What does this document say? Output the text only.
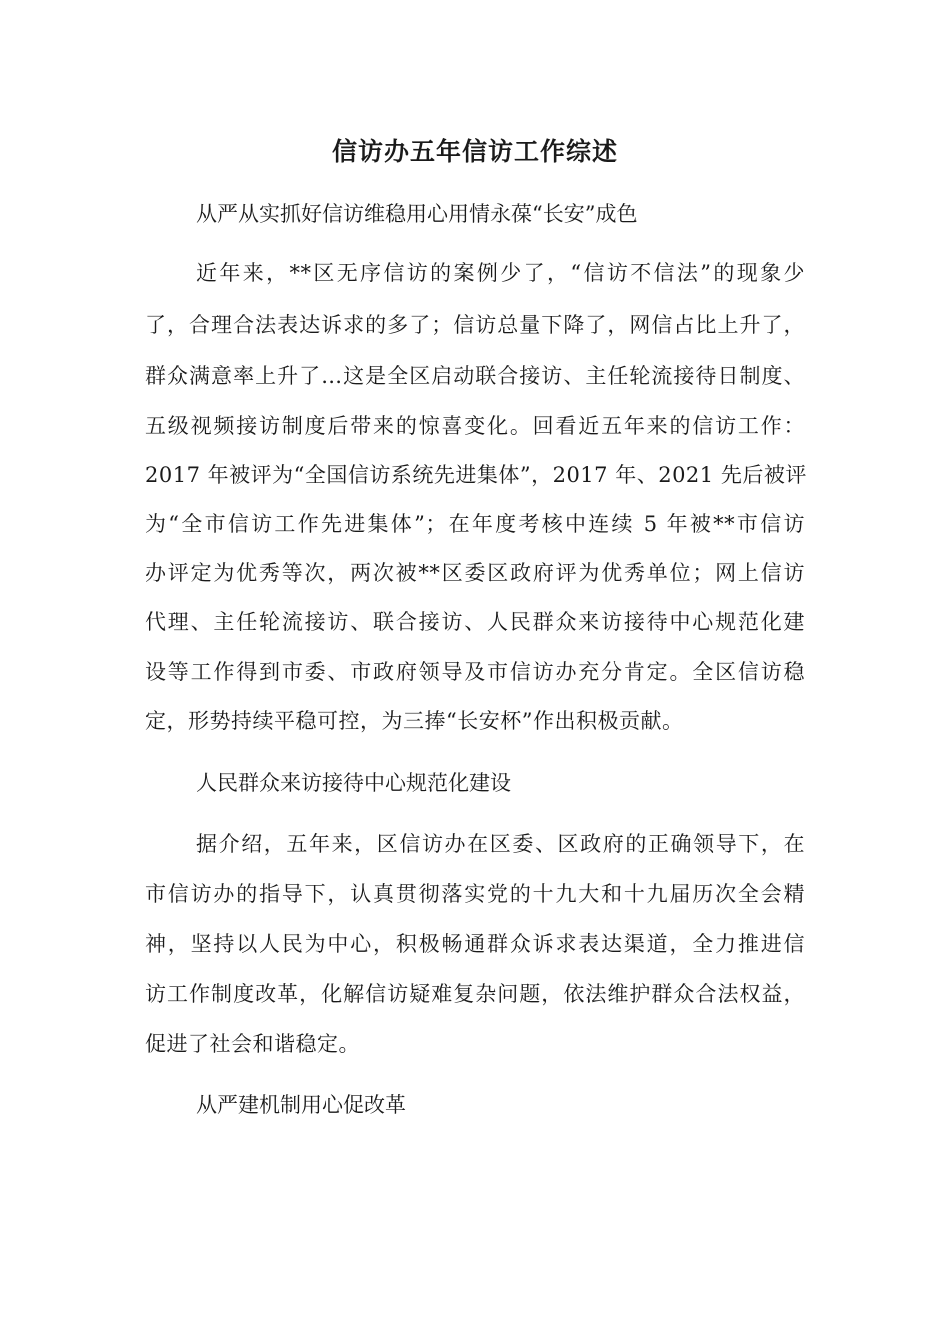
信访办五年信访工作综述

从严从实抓好信访维稳用心用情永葆“长安”成色

近年来，**区无序信访的案例少了，“信访不信法”的现象少

了，合理合法表达诉求的多了；信访总量下降了，网信占比上升了，

群众满意率上升了…这是全区启动联合接访、主任轮流接待日制度、

五级视频接访制度后带来的惊喜变化。回看近五年来的信访工作：

2017 年被评为“全国信访系统先进集体”，2017 年、2021 先后被评

为“全市信访工作先进集体”；在年度考核中连续 5 年被**市信访

办评定为优秀等次，两次被**区委区政府评为优秀单位；网上信访

代理、主任轮流接访、联合接访、人民群众来访接待中心规范化建

设等工作得到市委、市政府领导及市信访办充分肯定。全区信访稳

定，形势持续平稳可控，为三捧“长安杯”作出积极贡献。

人民群众来访接待中心规范化建设

据介绍，五年来，区信访办在区委、区政府的正确领导下，在

市信访办的指导下，认真贯彻落实党的十九大和十九届历次全会精

神，坚持以人民为中心，积极畅通群众诉求表达渠道，全力推进信

访工作制度改革，化解信访疑难复杂问题，依法维护群众合法权益，

促进了社会和谐稳定。

从严建机制用心促改革
